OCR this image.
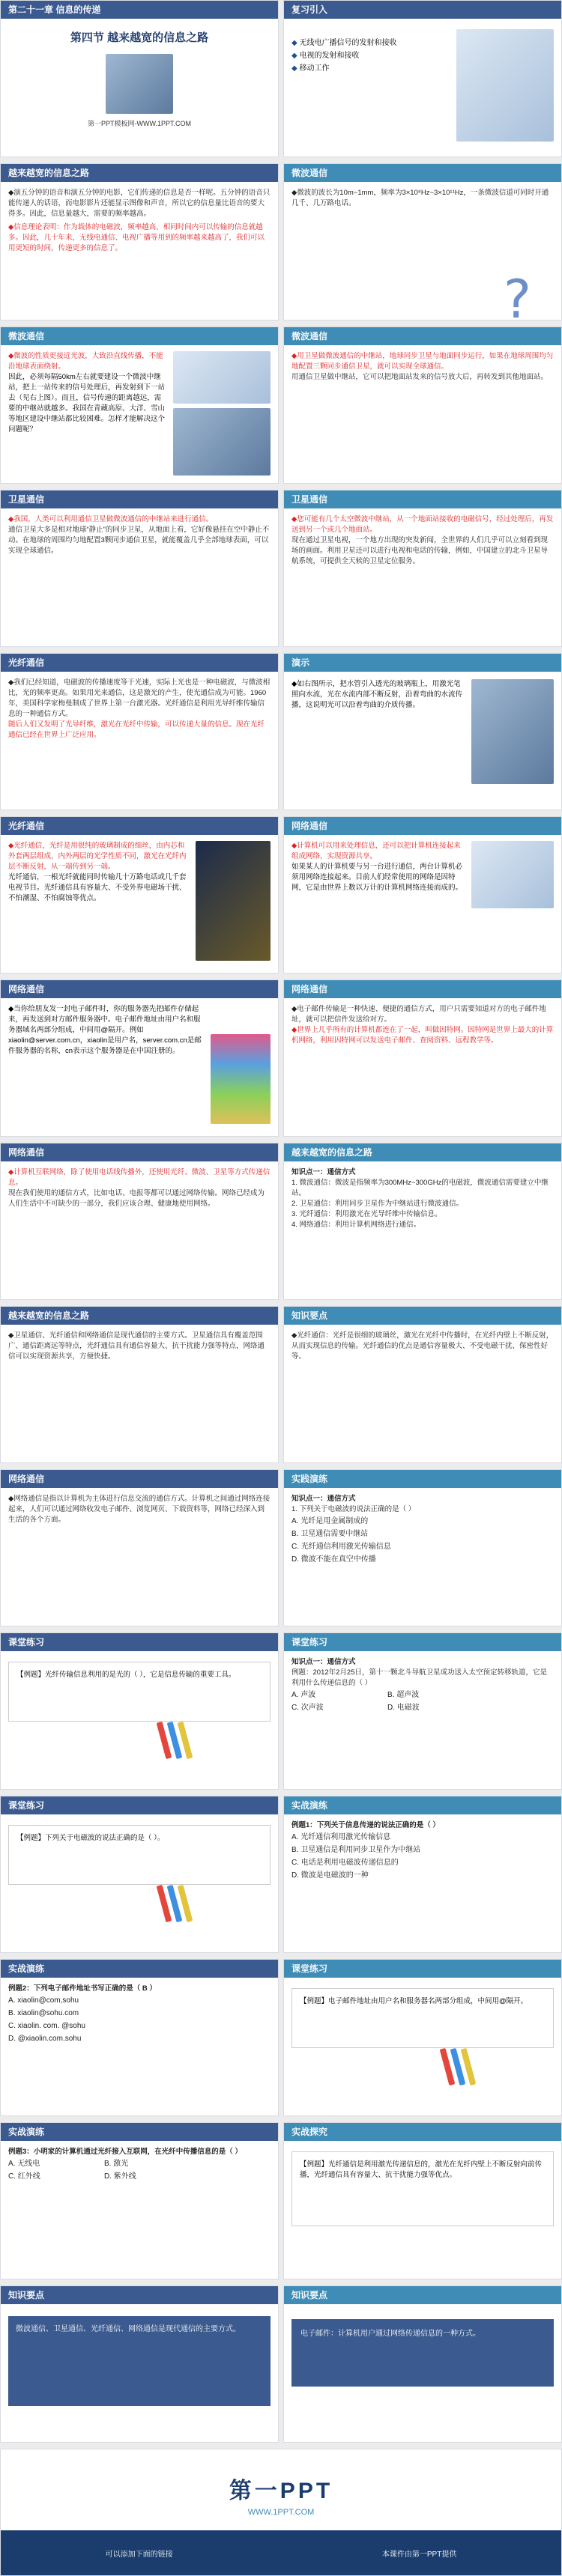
第二十一章 信息的传递
第四节 越来越宽的信息之路
第一PPT模板网-WWW.1PPT.COM
复习引入
◆ 无线电广播信号的发射和接收
◆ 电视的发射和接收
◆ 移动工作
越来越宽的信息之路
◆演五分钟的语音和演五分钟的电影，它们传递的信息是否一样呢。五分钟的语音只能传递人的话语，而电影影片还能显示图像和声音，所以它的信息量比语音的要大得多。因此，信息量越大，需要的频率越高。
◆信息理论表明：作为载体的电磁波，频率越高，相同时间内可以传输的信息就越多。因此，几十年来，无线电通信、电视广播等用到的频率越来越高了，我们可以用更短的时间，传递更多的信息了。
微波通信
◆微波的波长为10m~1mm，频率为3×10⁸Hz~3×10¹¹Hz，一条微波信道可同时开通几千、几万路电话。
?
微波通信
◆微波的性质更接近光波，大致沿直线传播，不能沿地球表面绕射。
因此，必须每隔50km左右就要建设一个微波中继站，把上一站传来的信号处理后，再发射到下一站去（见右上图）。而且，信号传递的距离越远，需要的中继站就越多。我国在青藏高原、大洋、雪山等地区建设中继站都比较困难。怎样才能解决这个问题呢？
微波通信
◆用卫星做微波通信的中继站，地球同步卫星与地面同步运行，如果在地球周围均匀地配置三颗同步通信卫星，就可以实现全球通信。
用通信卫星做中继站，它可以把地面站发来的信号放大后，再转发到其他地面站。
卫星通信
◆我国，人类可以利用通信卫星做微波通信的中继站来进行通信。
通信卫星大多是相对地球“静止”的同步卫星，从地面上看，它好像悬挂在空中静止不动。在地球的周围均匀地配置3颗同步通信卫星，就能覆盖几乎全部地球表面，可以实现全球通信。
卫星通信
◆您可能有几个太空微波中继站，从一个地面站接收的电磁信号，经过处理后，再发送到另一个或几个地面站。
现在通过卫星电视，一个地方出现的突发新闻，全世界的人们几乎可以立刻看到现场的画面。利用卫星还可以进行电视和电话的传输，例如，中国建立的北斗卫星导航系统，可提供全天候的卫星定位服务。
光纤通信
◆我们已经知道，电磁波的传播速度等于光速，实际上光也是一种电磁波，与微波相比，光的频率更高。如果用光来通信，这是激光的产生，使光通信成为可能。1960年，美国科学家梅曼制成了世界上第一台激光器。光纤通信是利用光导纤维传输信息的一种通信方式。
随后人们又发明了光导纤维，激光在光纤中传输，可以传递大量的信息。现在光纤通信已经在世界上广泛应用。
演示
◆如右图所示，把水管引入透光的玻璃瓶上，用激光笔照向水流，光在水流内部不断反射，沿着弯曲的水流传播，这说明光可以沿着弯曲的介质传播。
光纤通信
◆光纤通信，光纤是用很纯的玻璃制成的细丝，由内芯和外套两层组成，内外两层的光学性质不同，激光在光纤内层不断反射，从一端传到另一端。
光纤通信，一根光纤就能同时传输几十万路电话或几千套电视节目。光纤通信具有容量大、不受外界电磁场干扰、不怕潮湿、不怕腐蚀等优点。
网络通信
◆计算机可以用来处理信息，还可以把计算机连接起来组成网络，实现资源共享。
如果某人的计算机要与另一台进行通信，两台计算机必须用网络连接起来。目前人们经常使用的网络是因特网，它是由世界上数以万计的计算机网络连接而成的。
网络通信
◆当你给朋友发一封电子邮件时，你的服务器先把邮件存储起来，再发送到对方邮件服务器中。电子邮件地址由用户名和服务器域名两部分组成，中间用@隔开。例如xiaolin@server.com.cn，xiaolin是用户名，server.com.cn是邮件服务器的名称，cn表示这个服务器是在中国注册的。
网络通信
◆电子邮件传输是一种快速、便捷的通信方式，用户只需要知道对方的电子邮件地址，就可以把信件发送给对方。
◆世界上几乎所有的计算机都连在了一起，叫做因特网。因特网是世界上最大的计算机网络，利用因特网可以发送电子邮件、查阅资料、远程教学等。
网络通信
◆计算机互联网络，除了使用电话线传播外，还使用光纤、微波、卫星等方式传递信息。
现在我们使用的通信方式，比如电话、电报等都可以通过网络传输。网络已经成为人们生活中不可缺少的一部分，我们应该合理、健康地使用网络。
越来越宽的信息之路
知识点一：通信方式
1. 微波通信：微波是指频率为300MHz~300GHz的电磁波，微波通信需要建立中继站。
2. 卫星通信：利用同步卫星作为中继站进行微波通信。
3. 光纤通信：利用激光在光导纤维中传输信息。
4. 网络通信：利用计算机网络进行通信。
越来越宽的信息之路
◆卫星通信、光纤通信和网络通信是现代通信的主要方式。卫星通信具有覆盖范围广、通信距离远等特点，光纤通信具有通信容量大、抗干扰能力强等特点，网络通信可以实现资源共享，方便快捷。
知识要点
◆光纤通信：光纤是很细的玻璃丝，激光在光纤中传播时，在光纤内壁上不断反射，从而实现信息的传输。光纤通信的优点是通信容量极大、不受电磁干扰、保密性好等。
网络通信
◆网络通信是指以计算机为主体进行信息交流的通信方式。计算机之间通过网络连接起来，人们可以通过网络收发电子邮件、浏览网页、下载资料等，网络已经深入到生活的各个方面。
实践演练
知识点一：通信方式
1. 下列关于电磁波的说法正确的是（ ）
A. 光纤是用金属制成的
B. 卫星通信需要中继站
C. 光纤通信利用激光传输信息
D. 微波不能在真空中传播
课堂练习
【例题】光纤传输信息利用的是光的（ ），它是信息传输的重要工具。
课堂练习
知识点一：通信方式
例题：2012年2月25日，第十一颗北斗导航卫星成功送入太空预定转移轨道，它是利用什么传递信息的（ ）
A. 声波	B. 超声波
C. 次声波	D. 电磁波
课堂练习
【例题】下列关于电磁波的说法正确的是（ ）。
实战演练
例题1：下列关于信息传递的说法正确的是（ ）
A. 光纤通信利用激光传输信息
B. 卫星通信是利用同步卫星作为中继站
C. 电话是利用电磁波传递信息的
D. 微波是电磁波的一种
实战演练
例题2：下列电子邮件地址书写正确的是（ B ）
A. xiaolin@com,sohu
B. xiaolin@sohu.com
C. xiaolin. com. @sohu
D. @xiaolin.com.sohu
课堂练习
【例题】电子邮件地址由用户名和服务器名两部分组成，中间用@隔开。
实战演练
例题3：小明家的计算机通过光纤接入互联网，在光纤中传播信息的是（ ）
A. 无线电	B. 激光
C. 红外线	D. 紫外线
实战探究
【例题】光纤通信是利用激光传递信息的，激光在光纤内壁上不断反射向前传播，光纤通信具有容量大、抗干扰能力强等优点。
知识要点
微波通信、卫星通信、光纤通信、网络通信是现代通信的主要方式。
知识要点
电子邮件：计算机用户通过网络传递信息的一种方式。
第一PPT
WWW.1PPT.COM
可以添加下面的链接	本课件由第一PPT提供
